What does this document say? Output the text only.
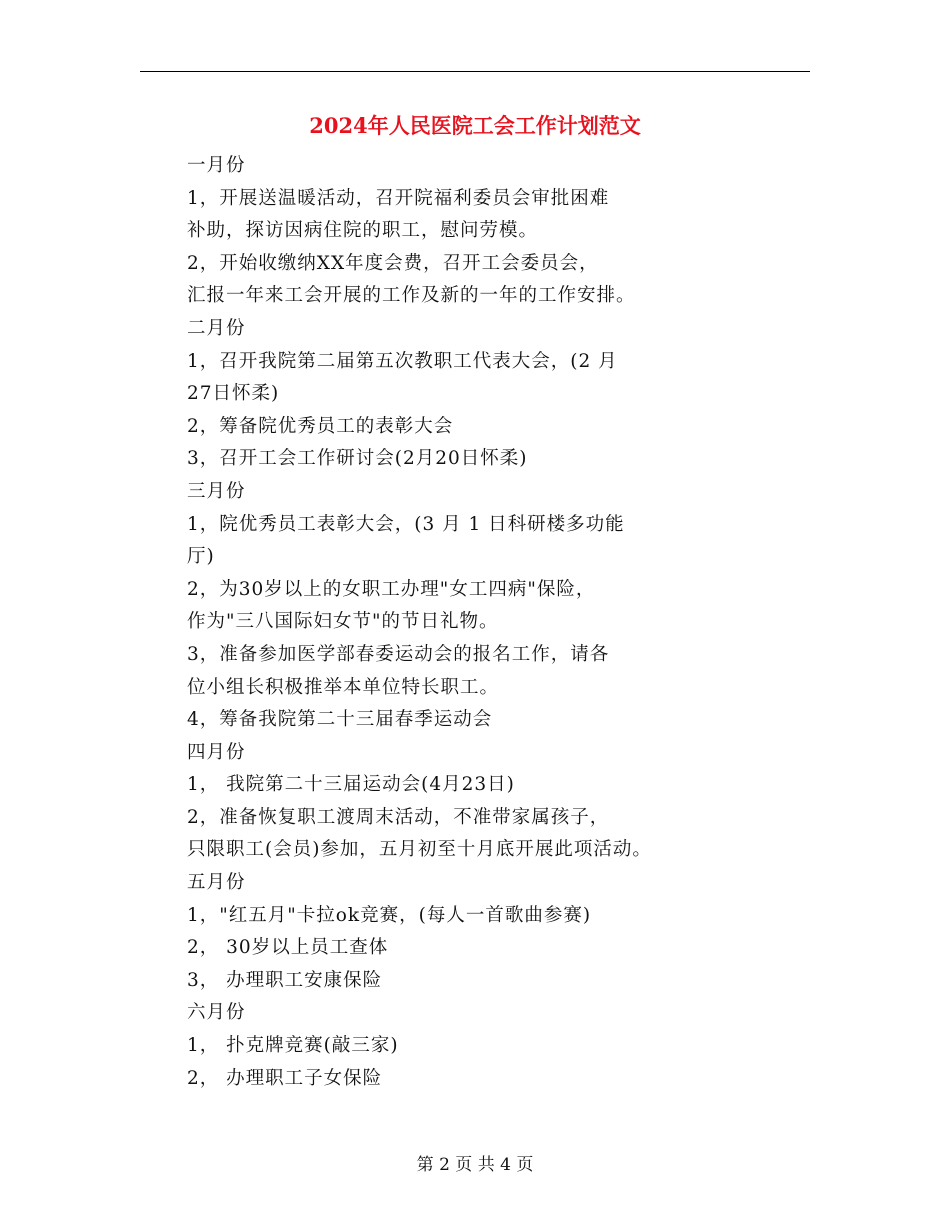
2024年人民医院工会工作计划范文
一月份
1，开展送温暖活动，召开院福利委员会审批困难
补助，探访因病住院的职工，慰问劳模。
2，开始收缴纳XX年度会费，召开工会委员会，
汇报一年来工会开展的工作及新的一年的工作安排。
二月份
1，召开我院第二届第五次教职工代表大会，(2 月
27日怀柔)
2，筹备院优秀员工的表彰大会
3，召开工会工作研讨会(2月20日怀柔)
三月份
1，院优秀员工表彰大会，(3 月 1 日科研楼多功能
厅)
2，为30岁以上的女职工办理"女工四病"保险，
作为"三八国际妇女节"的节日礼物。
3，准备参加医学部春委运动会的报名工作，请各
位小组长积极推举本单位特长职工。
4，筹备我院第二十三届春季运动会
四月份
1， 我院第二十三届运动会(4月23日)
2，准备恢复职工渡周末活动，不准带家属孩子，
只限职工(会员)参加，五月初至十月底开展此项活动。
五月份
1，"红五月"卡拉ok竞赛，(每人一首歌曲参赛)
2， 30岁以上员工查体
3， 办理职工安康保险
六月份
1， 扑克牌竞赛(敲三家)
2， 办理职工子女保险
第 2 页 共 4 页
